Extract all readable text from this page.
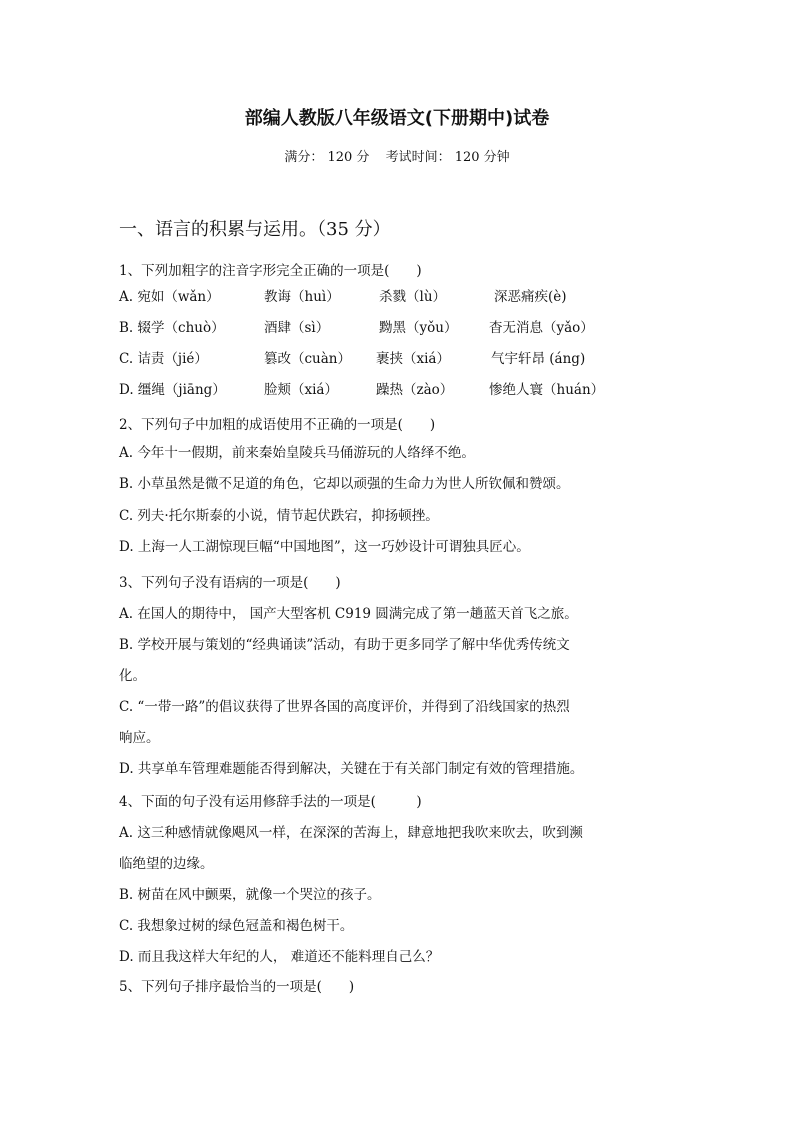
部编人教版八年级语文(下册期中)试卷
满分： 120 分 考试时间： 120 分钟
一、语言的积累与运用。（35 分）
1、下列加粗字的注音字形完全正确的一项是(　　)
A. 宛如（wǎn）	教诲（huì）	杀戮（lù）	深恶痛疾(è)
B. 辍学（chuò）	酒肆（sì）	黝黑（yǒu） 杳无消息（yǎo）
C. 诘责（jié）	篡改（cuàn） 裹挟（xiá）	气宇轩昂 (áng)
D. 缰绳（jiāng）	脸颊（xiá）	躁热（zào）	惨绝人寰（huán）
2、下列句子中加粗的成语使用不正确的一项是(　　)
A. 今年十一假期，前来秦始皇陵兵马俑游玩的人络绎不绝。
B. 小草虽然是微不足道的角色，它却以顽强的生命力为世人所钦佩和赞颂。
C. 列夫·托尔斯泰的小说，情节起伏跌宕，抑扬顿挫。
D. 上海一人工湖惊现巨幅“中国地图”，这一巧妙设计可谓独具匠心。
3、下列句子没有语病的一项是(　　)
A. 在国人的期待中， 国产大型客机 C919 圆满完成了第一趟蓝天首飞之旅。
B. 学校开展与策划的“经典诵读”活动，有助于更多同学了解中华优秀传统文
化。
C. “一带一路”的倡议获得了世界各国的高度评价，并得到了沿线国家的热烈
响应。
D. 共享单车管理难题能否得到解决，关键在于有关部门制定有效的管理措施。
4、下面的句子没有运用修辞手法的一项是(　　　)
A. 这三种感情就像飓风一样，在深深的苦海上，肆意地把我吹来吹去，吹到濒
临绝望的边缘。
B. 树苗在风中颤栗，就像一个哭泣的孩子。
C. 我想象过树的绿色冠盖和褐色树干。
D. 而且我这样大年纪的人， 难道还不能料理自己么？
5、下列句子排序最恰当的一项是(　　)
